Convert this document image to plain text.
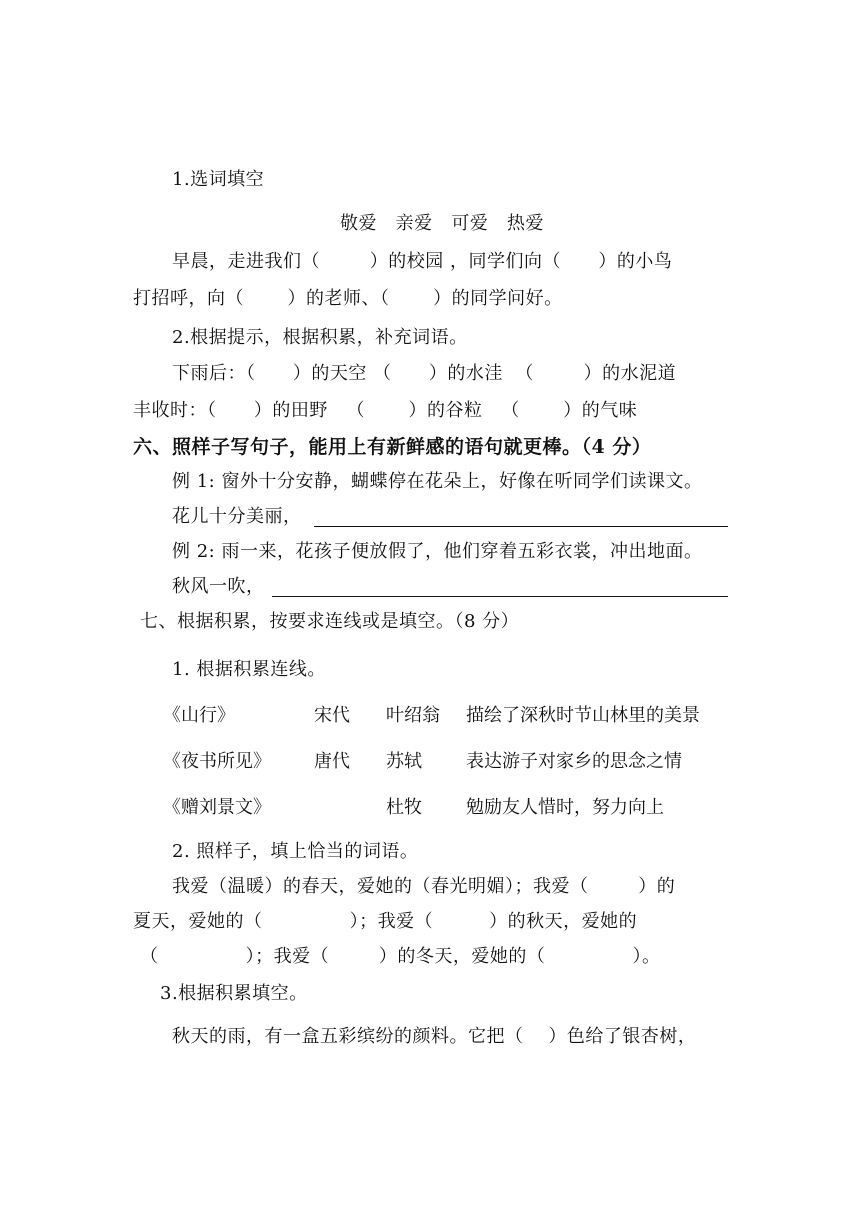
1.选词填空
敬爱   亲爱   可爱   热爱
早晨，走进我们（        ）的校园 ，同学们向（      ）的小鸟
打招呼，向（       ）的老师、（       ）的同学问好。
2.根据提示，根据积累，补充词语。
下雨后：（      ）的天空 （      ）的水洼  （        ）的水泥道
丰收时：（      ）的田野   （       ）的谷粒   （       ）的气味
六、照样子写句子，能用上有新鲜感的语句就更棒。（4 分）
例 1: 窗外十分安静，蝴蝶停在花朵上，好像在听同学们读课文。
花儿十分美丽，
例 2: 雨一来，花孩子便放假了，他们穿着五彩衣裳，冲出地面。
秋风一吹，
七、根据积累，按要求连线或是填空。（8 分）
1. 根据积累连线。
《山行》	宋代 叶绍翁 描绘了深秋时节山林里的美景
《夜书所见》 唐代 苏轼 表达游子对家乡的思念之情
《赠刘景文》	杜牧 勉励友人惜时，努力向上
2. 照样子，填上恰当的词语。
我爱（温暖）的春天，爱她的（春光明媚）；我爱（        ）的
夏天，爱她的（              ）；我爱（         ）的秋天，爱她的
（              ）；我爱（        ）的冬天，爱她的（              ）。
3.根据积累填空。
秋天的雨，有一盒五彩缤纷的颜料。它把（    ）色给了银杏树，
